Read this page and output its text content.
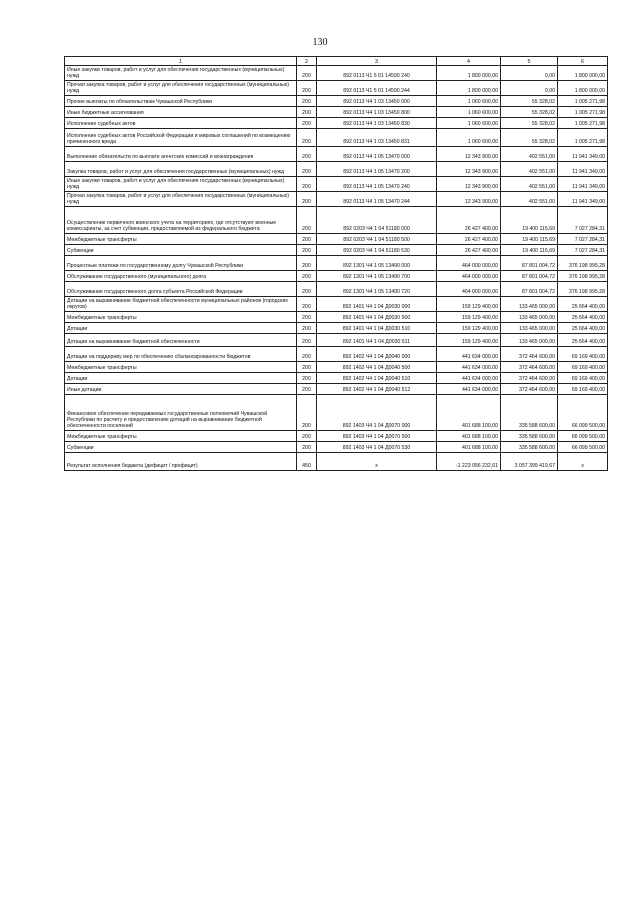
130
1	2	3	4	5	6
Иные закупки товаров, работ и услуг для обеспечения государственных (муниципальных) нужд	200	892 0113 Ч1 5 01 14590 240	1 800 000,00	0,00	1 800 000,00
Прочая закупка товаров, работ и услуг для обеспечения государственных (муниципальных) нужд	200	892 0113 Ч1 5 01 14590 244	1 800 000,00	0,00	1 800 000,00
Прочие выплаты по обязательствам Чувашской Республики	200	892 0113 Ч4 1 03 13450 000	1 060 600,00	55 328,02	1 005 271,98
Иные бюджетные ассигнования	200	892 0113 Ч4 1 03 13450 800	1 060 600,00	55 328,02	1 005 271,98
Исполнение судебных актов	200	892 0113 Ч4 1 03 13450 830	1 060 600,00	55 328,02	1 005 271,98
Исполнение судебных актов Российской Федерации и мировых соглашений по возмещению причиненного вреда	200	892 0113 Ч4 1 03 13450 831	1 060 600,00	55 328,02	1 005 271,98
Выполнение обязательств по выплате агентских комиссий и вознаграждения	200	892 0113 Ч4 1 05 13470 000	12 343 900,00	402 551,00	11 941 349,00
Закупка товаров, работ и услуг для обеспечения государственных (муниципальных) нужд	200	892 0113 Ч4 1 05 13470 200	12 343 900,00	402 551,00	11 941 349,00
Иные закупки товаров, работ и услуг для обеспечения государственных (муниципальных) нужд	200	892 0113 Ч4 1 05 13470 240	12 343 900,00	402 551,00	11 941 349,00
Прочая закупка товаров, работ и услуг для обеспечения государственных (муниципальных) нужд	200	892 0113 Ч4 1 05 13470 244	12 343 900,00	402 551,00	11 941 349,00
Осуществление первичного воинского учета на территориях, где отсутствуют военные комиссариаты, за счет субвенции, предоставляемой из федерального бюджета	200	892 0203 Ч4 1 04 51180 000	26 427 400,00	19 400 115,69	7 027 284,31
Межбюджетные трансферты	200	892 0203 Ч4 1 04 51180 500	26 427 400,00	19 400 115,69	7 027 284,31
Субвенции	200	892 0203 Ч4 1 04 51180 530	26 427 400,00	19 400 115,69	7 027 284,31
Процентные платежи по государственному долгу Чувашской Республики	200	892 1301 Ч4 1 05 13490 000	464 000 000,00	87 801 004,72	376 198 995,28
Обслуживание государственного (муниципального) долга	200	892 1301 Ч4 1 05 13490 700	464 000 000,00	87 801 004,72	376 198 995,28
Обслуживание государственного долга субъекта Российской Федерации	200	892 1301 Ч4 1 05 13490 720	464 000 000,00	87 801 004,72	376 198 995,28
Дотации на выравнивание бюджетной обеспеченности муниципальных районов (городских округов)	200	892 1401 Ч4 1 04 Д0030 000	159 129 400,00	133 465 000,00	25 664 400,00
Межбюджетные трансферты	200	892 1401 Ч4 1 04 Д0030 500	159 129 400,00	133 465 000,00	25 664 400,00
Дотации	200	892 1401 Ч4 1 04 Д0030 510	159 129 400,00	133 465 000,00	25 664 400,00
Дотации на выравнивание бюджетной обеспеченности	200	892 1401 Ч4 1 04 Д0030 511	159 129 400,00	133 465 000,00	25 664 400,00
Дотации на поддержку мер по обеспечению сбалансированности бюджетов	200	892 1402 Ч4 1 04 Д0040 000	441 634 000,00	372 464 600,00	69 169 400,00
Межбюджетные трансферты	200	892 1402 Ч4 1 04 Д0040 500	441 634 000,00	372 464 600,00	69 169 400,00
Дотации	200	892 1402 Ч4 1 04 Д0040 510	441 634 000,00	372 464 600,00	69 169 400,00
Иные дотации	200	892 1402 Ч4 1 04 Д0040 512	441 634 000,00	372 464 600,00	69 169 400,00
Финансовое обеспечение передаваемых государственных полномочий Чувашской Республики по расчету и предоставлению дотаций на выравнивание бюджетной обеспеченности поселений	200	892 1403 Ч4 1 04 Д0070 000	401 688 100,00	335 588 600,00	66 099 500,00
Межбюджетные трансферты	200	892 1403 Ч4 1 04 Д0070 500	401 688 100,00	335 588 600,00	66 099 500,00
Субвенции	200	892 1403 Ч4 1 04 Д0070 530	401 688 100,00	335 588 600,00	66 099 500,00
Результат исполнения бюджета (дефицит / профицит)	450	x	-1 223 056 232,61	3 057 399 419,67	x
